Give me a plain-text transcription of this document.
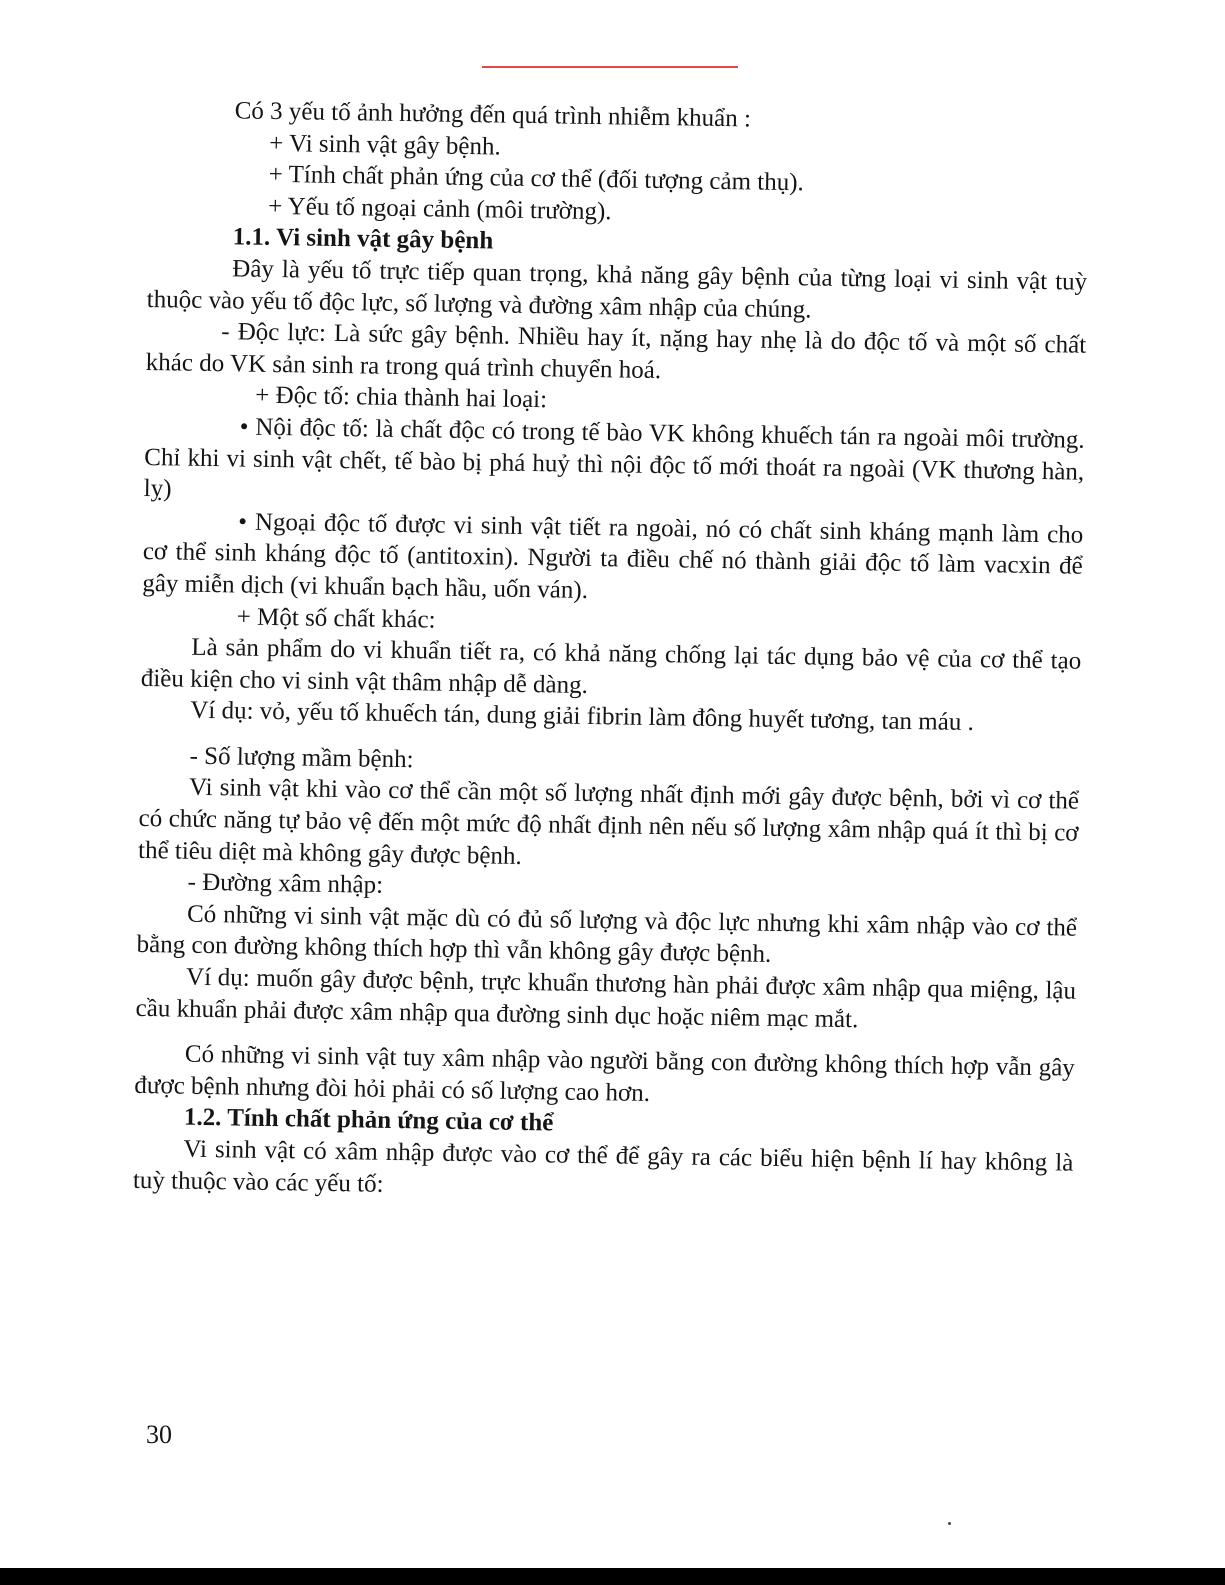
Có 3 yếu tố ảnh hưởng đến quá trình nhiễm khuẩn :

+ Vi sinh vật gây bệnh.

+ Tính chất phản ứng của cơ thể (đối tượng cảm thụ).

+ Yếu tố ngoại cảnh (môi trường).

1.1. Vi sinh vật gây bệnh

Đây là yếu tố trực tiếp quan trọng, khả năng gây bệnh của từng loại vi sinh vật tuỳ thuộc vào yếu tố độc lực, số lượng và đường xâm nhập của chúng.

- Độc lực: Là sức gây bệnh. Nhiều hay ít, nặng hay nhẹ là do độc tố và một số chất khác do VK sản sinh ra trong quá trình chuyển hoá.

+ Độc tố: chia thành hai loại:

• Nội độc tố: là chất độc có trong tế bào VK không khuếch tán ra ngoài môi trường. Chỉ khi vi sinh vật chết, tế bào bị phá huỷ thì nội độc tố mới thoát ra ngoài (VK thương hàn, lỵ)

• Ngoại độc tố được vi sinh vật tiết ra ngoài, nó có chất sinh kháng mạnh làm cho cơ thể sinh kháng độc tố (antitoxin). Người ta điều chế nó thành giải độc tố làm vacxin để gây miễn dịch (vi khuẩn bạch hầu, uốn ván).

+ Một số chất khác:

Là sản phẩm do vi khuẩn tiết ra, có khả năng chống lại tác dụng bảo vệ của cơ thể tạo điều kiện cho vi sinh vật thâm nhập dễ dàng.

Ví dụ: vỏ, yếu tố khuếch tán, dung giải fibrin làm đông huyết tương, tan máu .

- Số lượng mầm bệnh:

Vi sinh vật khi vào cơ thể cần một số lượng nhất định mới gây được bệnh, bởi vì cơ thể có chức năng tự bảo vệ đến một mức độ nhất định nên nếu số lượng xâm nhập quá ít thì bị cơ thể tiêu diệt mà không gây được bệnh.

- Đường xâm nhập:

Có những vi sinh vật mặc dù có đủ số lượng và độc lực nhưng khi xâm nhập vào cơ thể bằng con đường không thích hợp thì vẫn không gây được bệnh.

Ví dụ: muốn gây được bệnh, trực khuẩn thương hàn phải được xâm nhập qua miệng, lậu cầu khuẩn phải được xâm nhập qua đường sinh dục hoặc niêm mạc mắt.

Có những vi sinh vật tuy xâm nhập vào người bằng con đường không thích hợp vẫn gây được bệnh nhưng đòi hỏi phải có số lượng cao hơn.

1.2. Tính chất phản ứng của cơ thể

Vi sinh vật có xâm nhập được vào cơ thể để gây ra các biểu hiện bệnh lí hay không là tuỳ thuộc vào các yếu tố:

30
